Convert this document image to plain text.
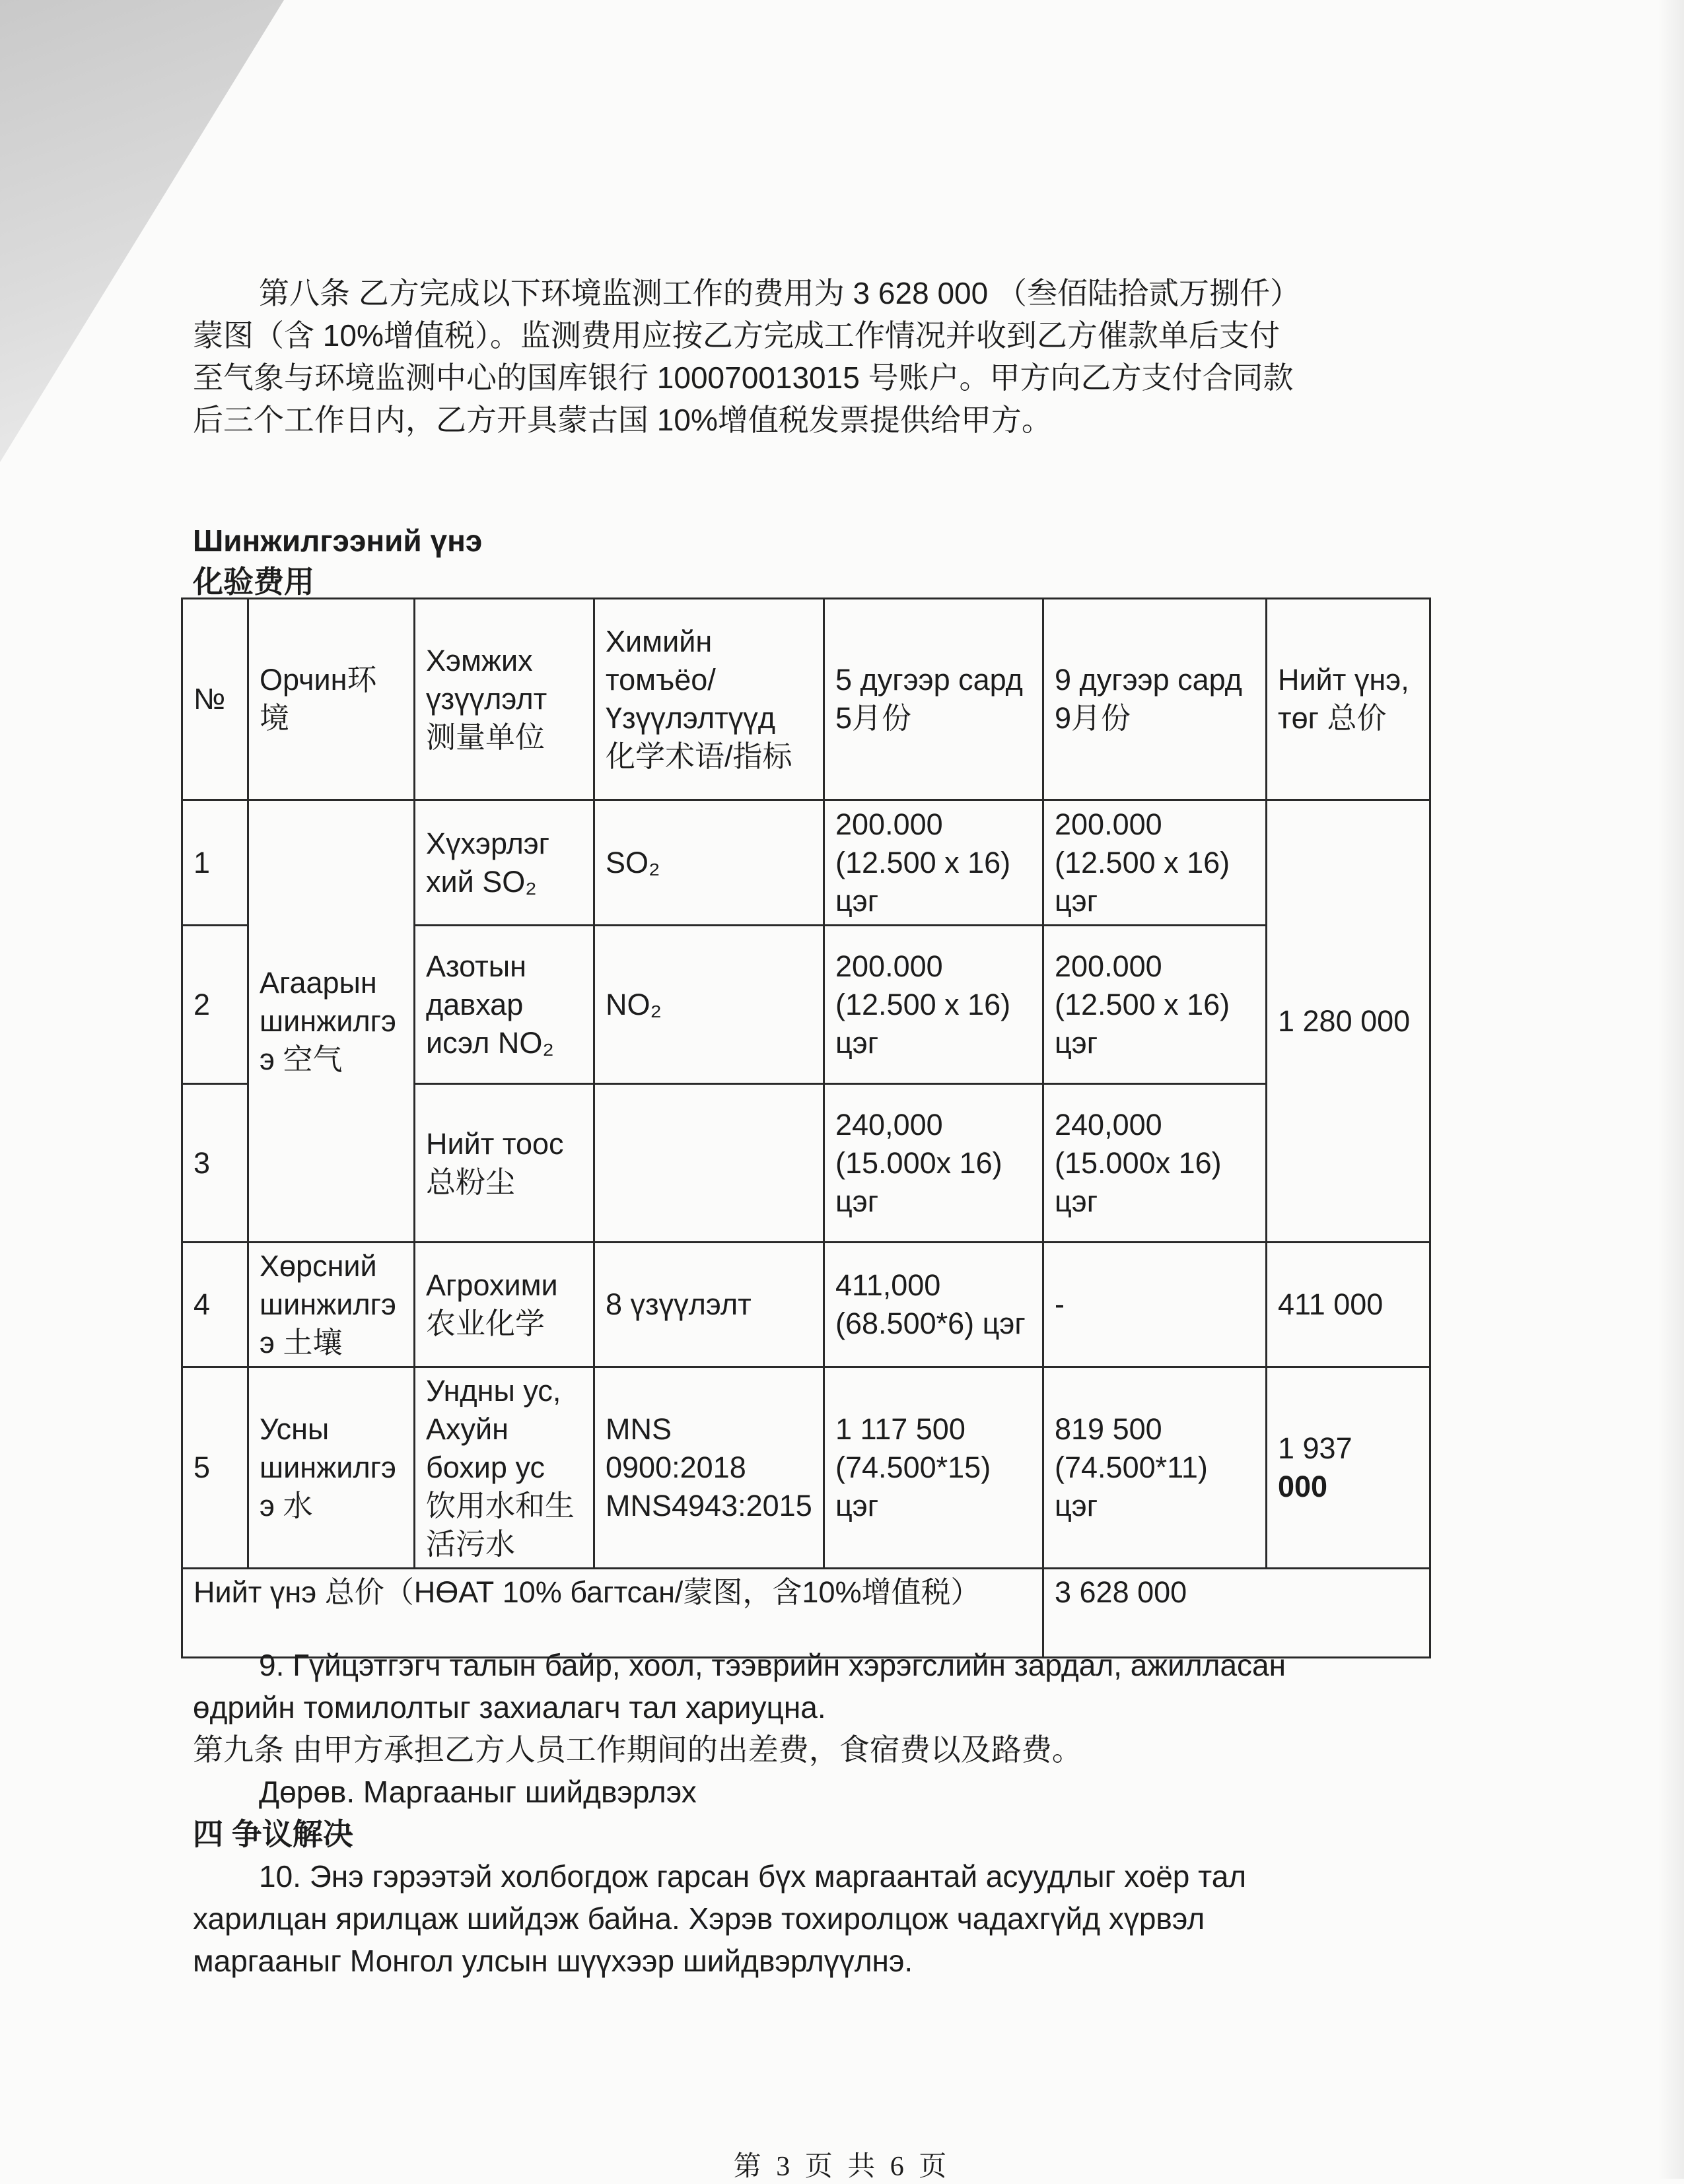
第八条 乙方完成以下环境监测工作的费用为 3 628 000 （叁佰陆拾贰万捌仟）

蒙图（含 10%增值税）。监测费用应按乙方完成工作情况并收到乙方催款单后支付

至气象与环境监测中心的国库银行 100070013015 号账户。甲方向乙方支付合同款

后三个工作日内，乙方开具蒙古国 10%增值税发票提供给甲方。

Шинжилгээний үнэ
化验费用
№	Орчин环境	Хэмжих үзүүлэлт 测量单位	Химийн томъёо/ Үзүүлэлтүүд 化学术语/指标	5 дугээр сард 5月份	9 дугээр сард 9月份	Нийт үнэ, төг 总价
1	Агаарын шинжилгээ 空气	Хүхэрлэг хий SO₂	SO₂	200.000 (12.500 x 16) цэг	200.000 (12.500 x 16) цэг	1 280 000
2		Азотын давхар исэл NO₂	NO₂	200.000 (12.500 x 16) цэг	200.000 (12.500 x 16) цэг	
3		Нийт тоос 总粉尘		240,000 (15.000x 16) цэг	240,000 (15.000x 16) цэг	
4	Хөрсний шинжилгээ 土壤	Агрохими 农业化学	8 үзүүлэлт	411,000 (68.500*6) цэг	-	411 000
5	Усны шинжилгээ 水	Ундны ус, Ахуйн бохир ус 饮用水和生活污水	MNS 0900:2018 MNS4943:2015	1 117 500 (74.500*15) цэг	819 500 (74.500*11) цэг	1 937
000

Нийт үнэ 总价（НӨАТ 10% багтсан/蒙图，含10%增值税）					3 628 000	

9. Гүйцэтгэгч талын байр, хоол, тээврийн хэрэгслийн зардал, ажилласан

өдрийн томилолтыг захиалагч тал хариуцна.

第九条 由甲方承担乙方人员工作期间的出差费，食宿费以及路费。

Дөрөв. Маргааныг шийдвэрлэх

四 争议解决

10. Энэ гэрээтэй холбогдож гарсан бүх маргаантай асуудлыг хоёр тал

харилцан ярилцаж шийдэж байна. Хэрэв тохиролцож чадахгүйд хүрвэл

маргааныг Монгол улсын шүүхээр шийдвэрлүүлнэ.

第 3 页 共 6 页
